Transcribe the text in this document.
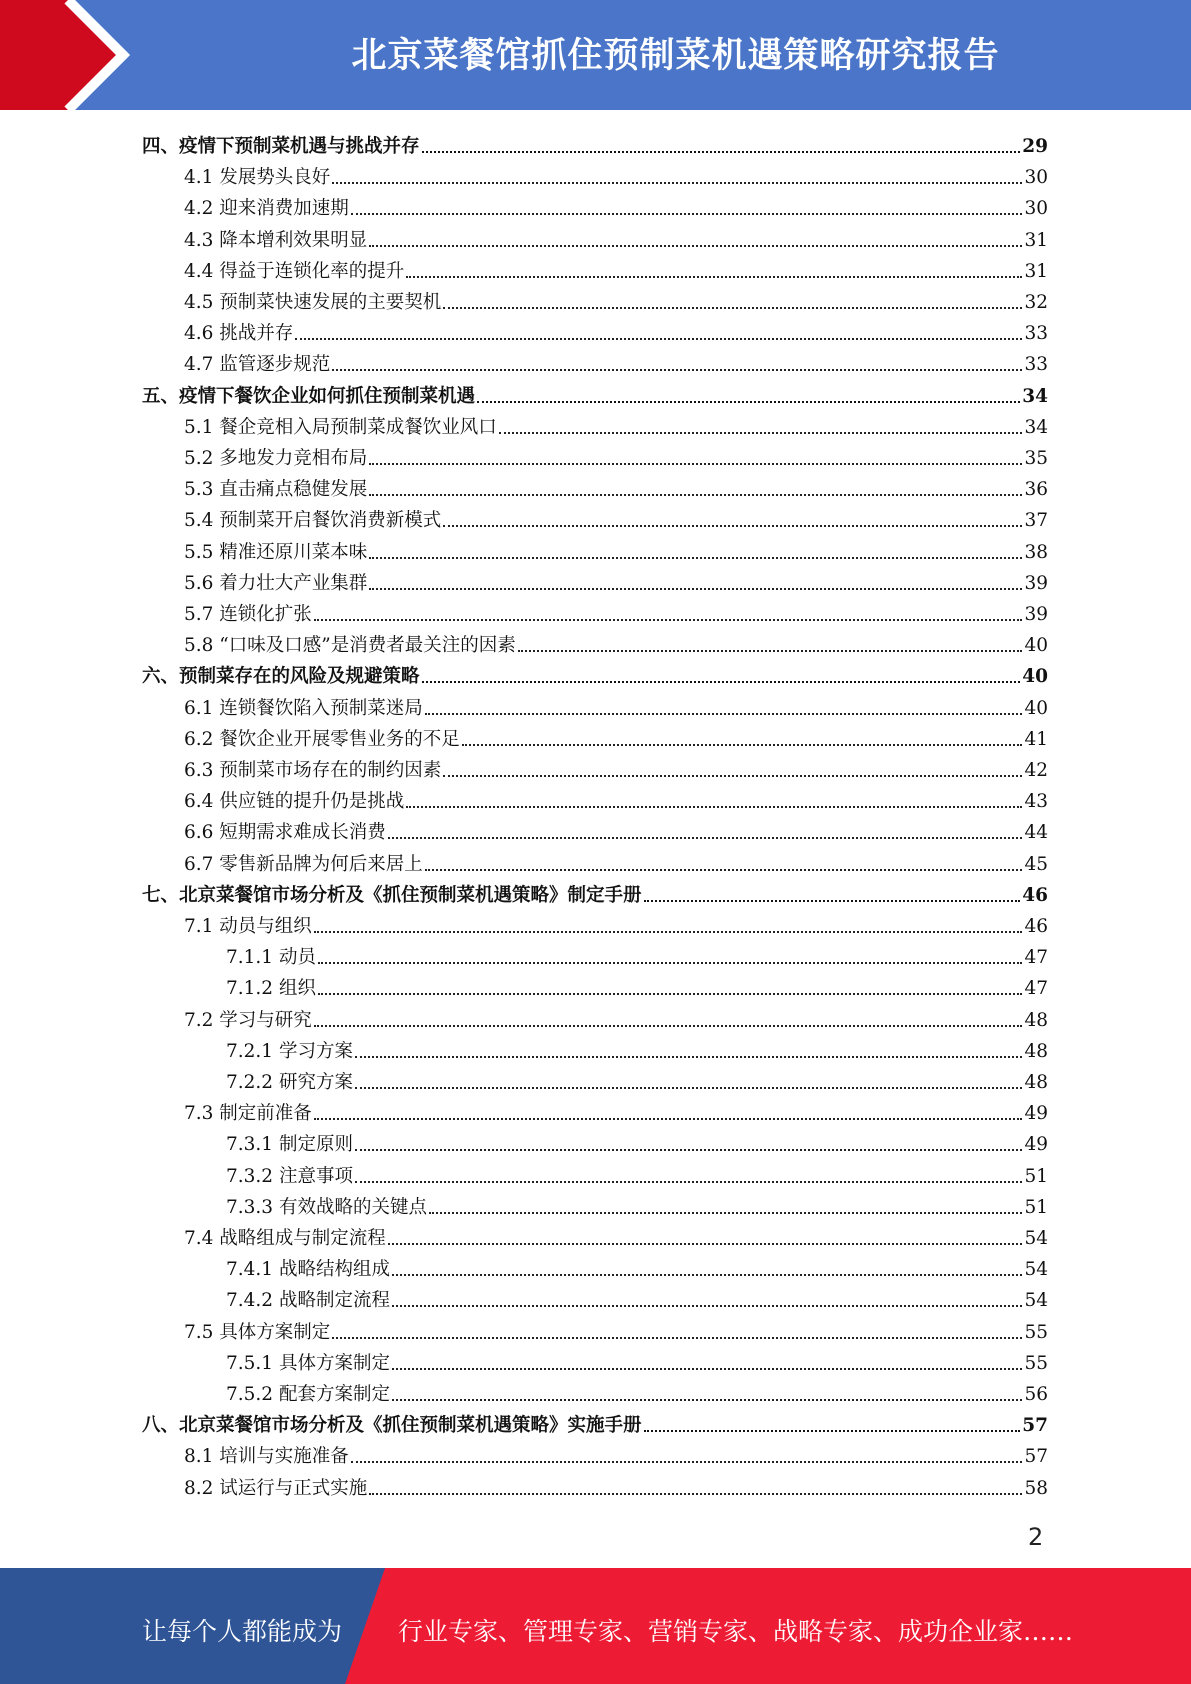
北京菜餐馆抓住预制菜机遇策略研究报告
四、疫情下预制菜机遇与挑战并存	29
4.1 发展势头良好	30
4.2 迎来消费加速期	30
4.3 降本增利效果明显	31
4.4 得益于连锁化率的提升	31
4.5 预制菜快速发展的主要契机	32
4.6 挑战并存	33
4.7 监管逐步规范	33
五、疫情下餐饮企业如何抓住预制菜机遇	34
5.1 餐企竞相入局预制菜成餐饮业风口	34
5.2 多地发力竞相布局	35
5.3 直击痛点稳健发展	36
5.4 预制菜开启餐饮消费新模式	37
5.5 精准还原川菜本味	38
5.6 着力壮大产业集群	39
5.7 连锁化扩张	39
5.8 “口味及口感”是消费者最关注的因素	40
六、预制菜存在的风险及规避策略	40
6.1 连锁餐饮陷入预制菜迷局	40
6.2 餐饮企业开展零售业务的不足	41
6.3 预制菜市场存在的制约因素	42
6.4 供应链的提升仍是挑战	43
6.6 短期需求难成长消费	44
6.7 零售新品牌为何后来居上	45
七、北京菜餐馆市场分析及《抓住预制菜机遇策略》制定手册	46
7.1 动员与组织	46
7.1.1 动员	47
7.1.2 组织	47
7.2 学习与研究	48
7.2.1 学习方案	48
7.2.2 研究方案	48
7.3 制定前准备	49
7.3.1 制定原则	49
7.3.2 注意事项	51
7.3.3 有效战略的关键点	51
7.4 战略组成与制定流程	54
7.4.1 战略结构组成	54
7.4.2 战略制定流程	54
7.5 具体方案制定	55
7.5.1 具体方案制定	55
7.5.2 配套方案制定	56
八、北京菜餐馆市场分析及《抓住预制菜机遇策略》实施手册	57
8.1 培训与实施准备	57
8.2 试运行与正式实施	58
2
让每个人都能成为 行业专家、管理专家、营销专家、战略专家、成功企业家……
